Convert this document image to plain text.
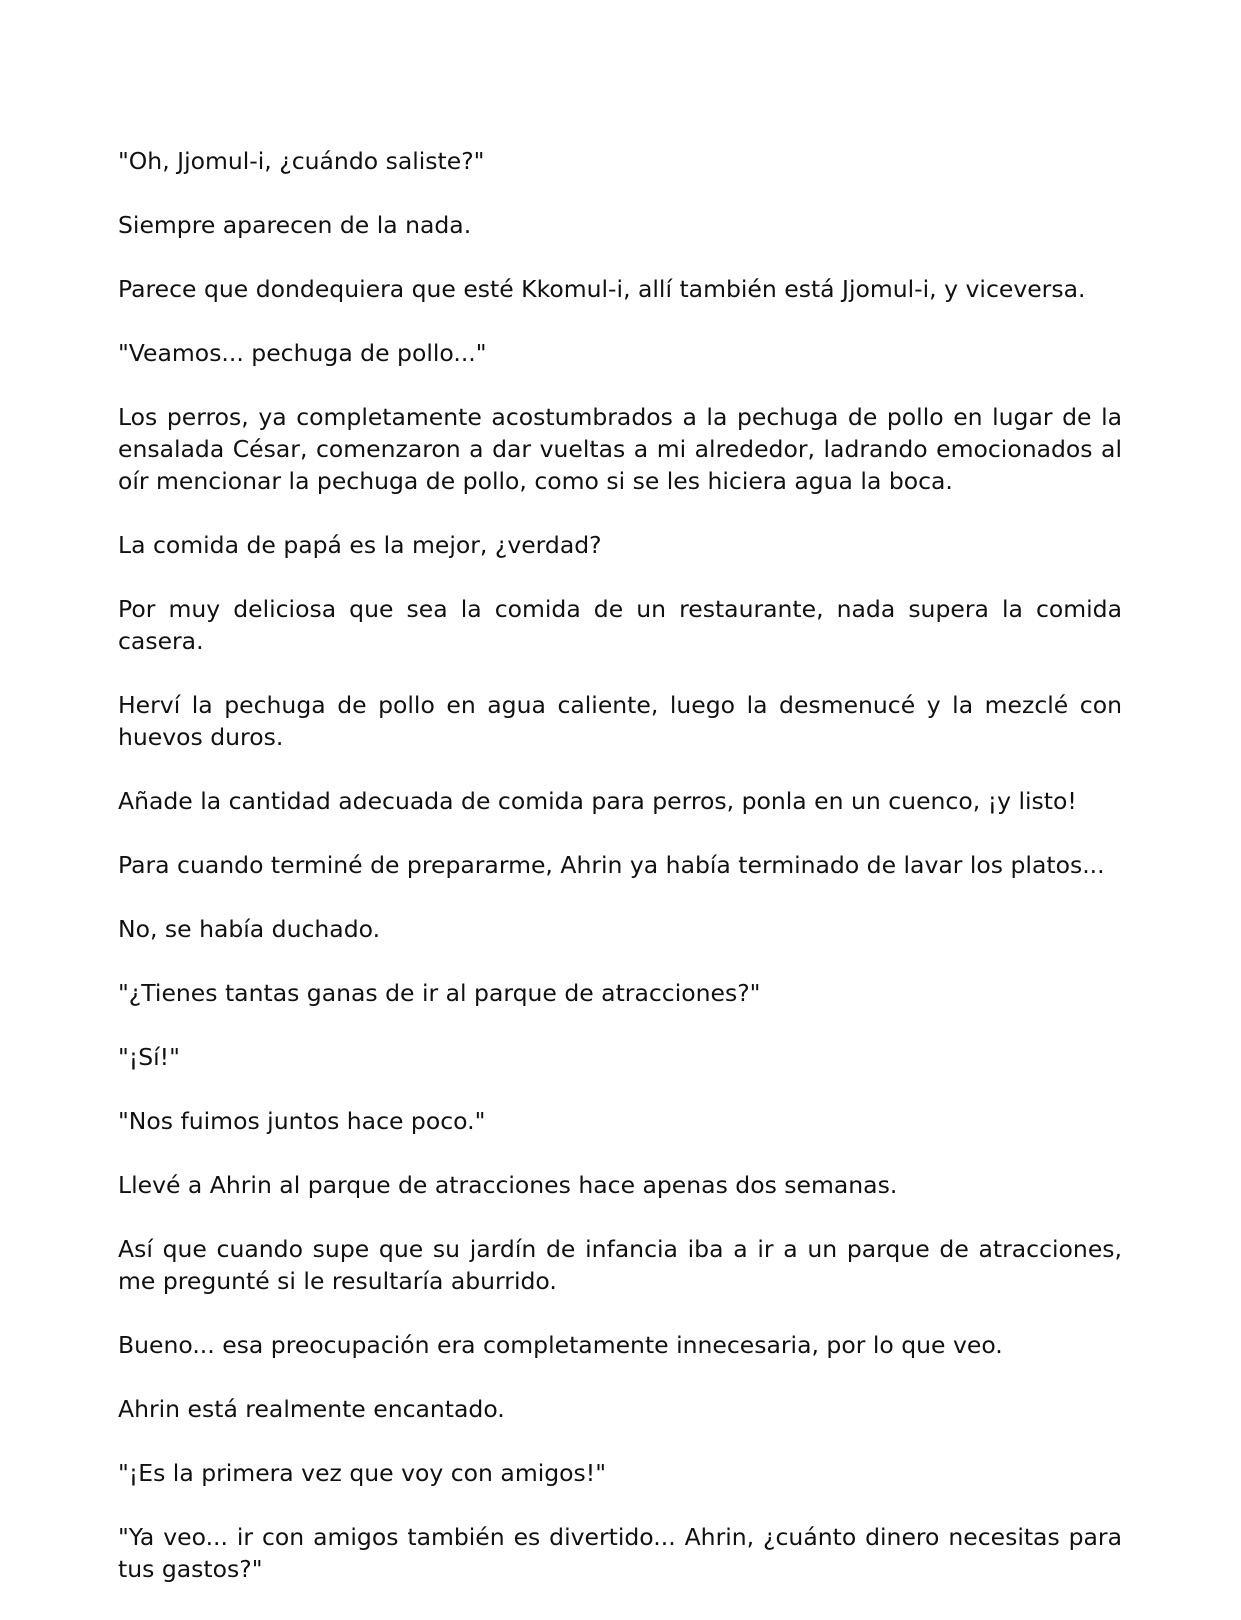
"Oh, Jjomul-i, ¿cuándo saliste?"

Siempre aparecen de la nada.

Parece que dondequiera que esté Kkomul-i, allí también está Jjomul-i, y viceversa.

"Veamos... pechuga de pollo..."

Los perros, ya completamente acostumbrados a la pechuga de pollo en lugar de la ensalada César, comenzaron a dar vueltas a mi alrededor, ladrando emocionados al oír mencionar la pechuga de pollo, como si se les hiciera agua la boca.

La comida de papá es la mejor, ¿verdad?

Por muy deliciosa que sea la comida de un restaurante, nada supera la comida casera.

Herví la pechuga de pollo en agua caliente, luego la desmenucé y la mezclé con huevos duros.

Añade la cantidad adecuada de comida para perros, ponla en un cuenco, ¡y listo!

Para cuando terminé de prepararme, Ahrin ya había terminado de lavar los platos...

No, se había duchado.

"¿Tienes tantas ganas de ir al parque de atracciones?"

"¡Sí!"

"Nos fuimos juntos hace poco."

Llevé a Ahrin al parque de atracciones hace apenas dos semanas.

Así que cuando supe que su jardín de infancia iba a ir a un parque de atracciones, me pregunté si le resultaría aburrido.

Bueno... esa preocupación era completamente innecesaria, por lo que veo.

Ahrin está realmente encantado.

"¡Es la primera vez que voy con amigos!"

"Ya veo... ir con amigos también es divertido... Ahrin, ¿cuánto dinero necesitas para tus gastos?"
